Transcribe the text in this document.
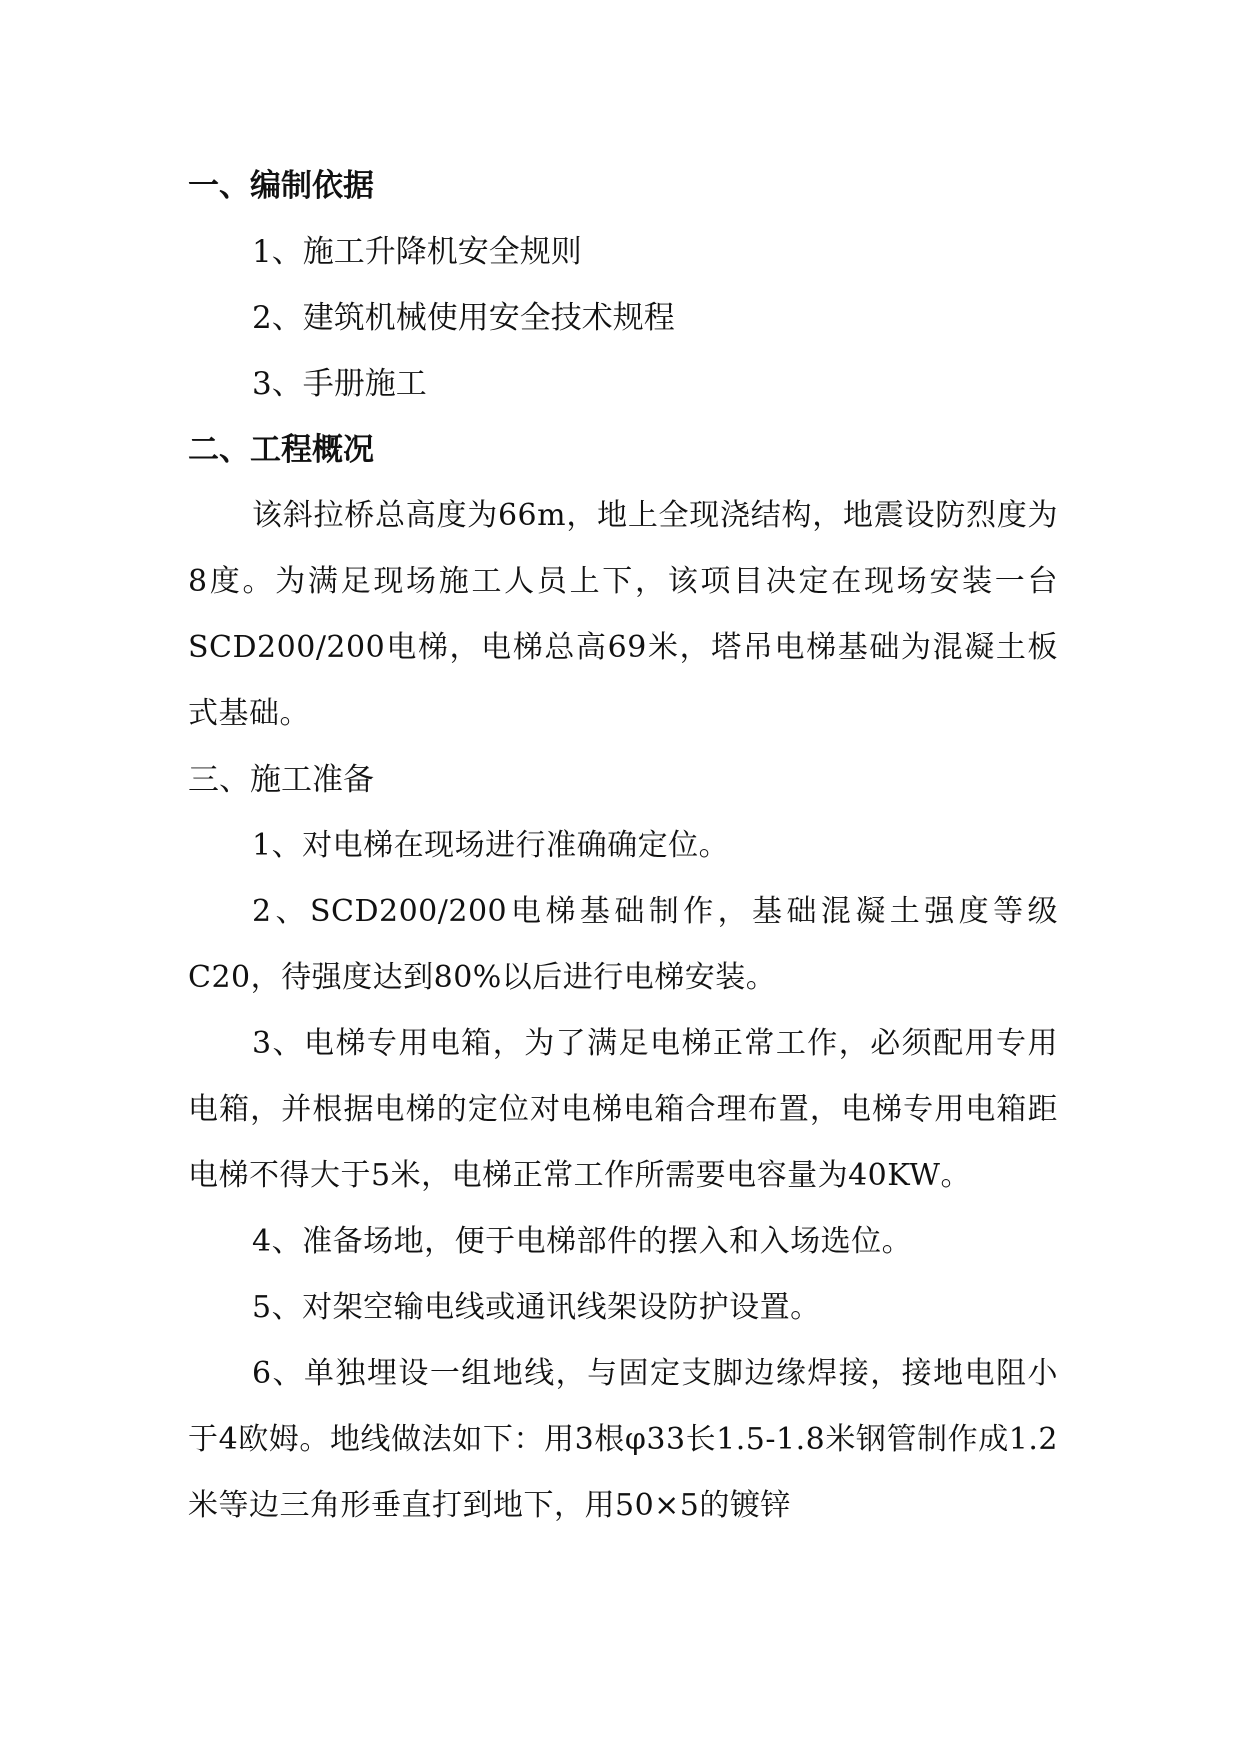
一、编制依据
1、施工升降机安全规则
2、建筑机械使用安全技术规程
3、手册施工
二、工程概况

该斜拉桥总高度为66m，地上全现浇结构，地震设防烈度为8度。为满足现场施工人员上下，该项目决定在现场安装一台SCD200/200电梯，电梯总高69米，塔吊电梯基础为混凝土板式基础。

三、施工准备

1、对电梯在现场进行准确确定位。

2、SCD200/200电梯基础制作，基础混凝土强度等级C20，待强度达到80%以后进行电梯安装。

3、电梯专用电箱，为了满足电梯正常工作，必须配用专用电箱，并根据电梯的定位对电梯电箱合理布置，电梯专用电箱距电梯不得大于5米，电梯正常工作所需要电容量为40KW。

4、准备场地，便于电梯部件的摆入和入场选位。

5、对架空输电线或通讯线架设防护设置。

6、单独埋设一组地线，与固定支脚边缘焊接，接地电阻小于4欧姆。地线做法如下：用3根φ33长1.5-1.8米钢管制作成1.2米等边三角形垂直打到地下，用50×5的镀锌
